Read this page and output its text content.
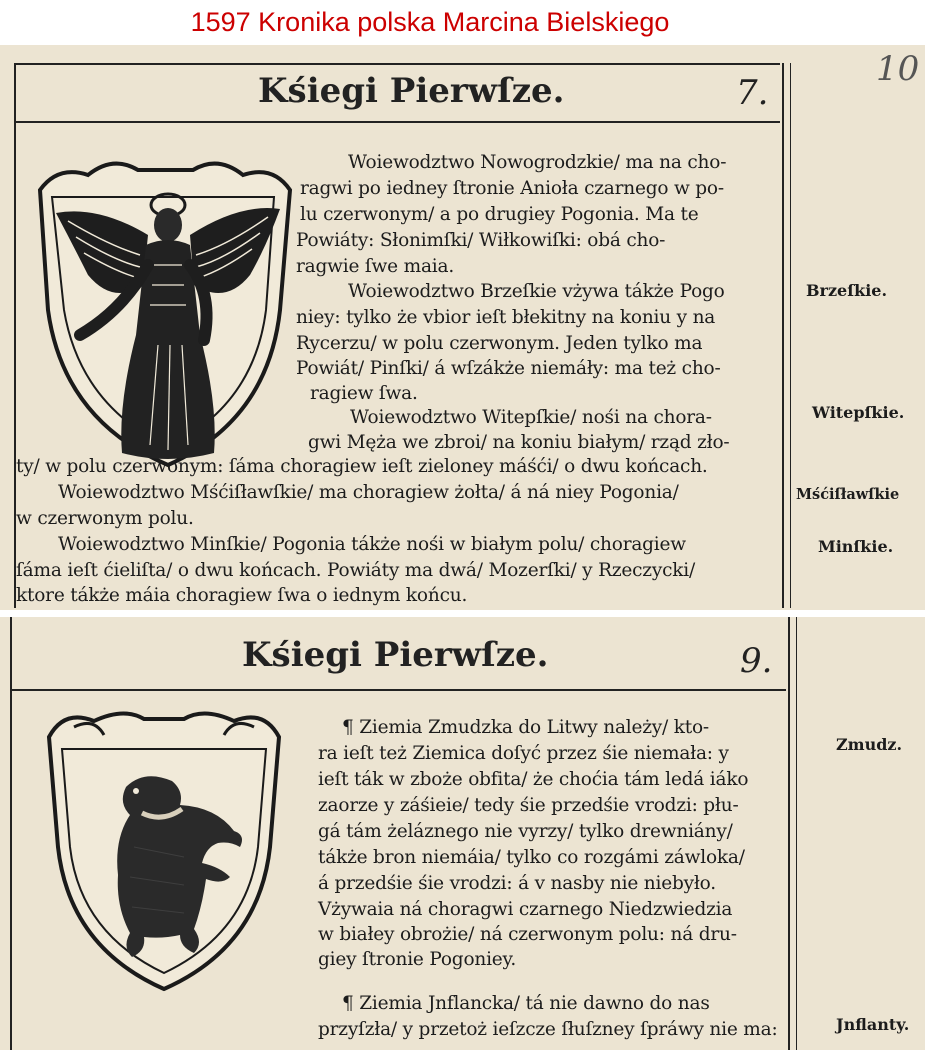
1597 Kronika polska Marcina Bielskiego
Kśiegi Pierwſze.	7.
10
Woiewodztwo Nowogrodzkie/ ma na cho-
ragwi po iedney ſtronie Anioła czarnego w po-
lu czerwonym/ a po drugiey Pogonia. Ma te
Powiáty: Słonimſki/ Wiłkowiſki: obá cho-
ragwie ſwe maia.
Woiewodztwo Brzeſkie vżywa tákże Pogo
niey: tylko że vbior ieſt błekitny na koniu y na
Rycerzu/ w polu czerwonym. Jeden tylko ma
Powiát/ Pinſki/ á wſzákże niemáły: ma też cho-
ragiew ſwa.
Woiewodztwo Witepſkie/ nośi na chora-
gwi Męża we zbroi/ na koniu białym/ rząd zło-
ty/ w polu czerwonym: ſáma choragiew ieſt zieloney máśći/ o dwu końcach.
Woiewodztwo Mśćiſławſkie/ ma choragiew żołta/ á ná niey Pogonia/
w czerwonym polu.
Woiewodztwo Minſkie/ Pogonia tákże nośi w białym polu/ choragiew
ſáma ieſt ćieliſta/ o dwu końcach. Powiáty ma dwá/ Mozerſki/ y Rzeczycki/
ktore tákże máia choragiew ſwa o iednym końcu.
Brzeſkie.
Witepſkie.
Mśćiſławſkie
Minſkie.
Kśiegi Pierwſze.	9.
¶ Ziemia Zmudzka do Litwy należy/ kto-
ra ieſt też Ziemica doſyć przez śie niemała: y
ieſt ták w zboże obfita/ że choćia tám ledá iáko
zaorze y záśieie/ tedy śie przedśie vrodzi: płu-
gá tám żeláznego nie vyrzy/ tylko drewniány/
tákże bron niemáia/ tylko co rozgámi záwloka/
á przedśie śie vrodzi: á v nasby nie niebyło.
Vżywaia ná choragwi czarnego Niedzwiedzia
w białey obrożie/ ná czerwonym polu: ná dru-
giey ſtronie Pogoniey.
¶ Ziemia Jnflancka/ tá nie dawno do nas
przyſzła/ y przetoż ieſzcze ſłuſzney ſpráwy nie ma:
Zmudz.
Jnflanty.
